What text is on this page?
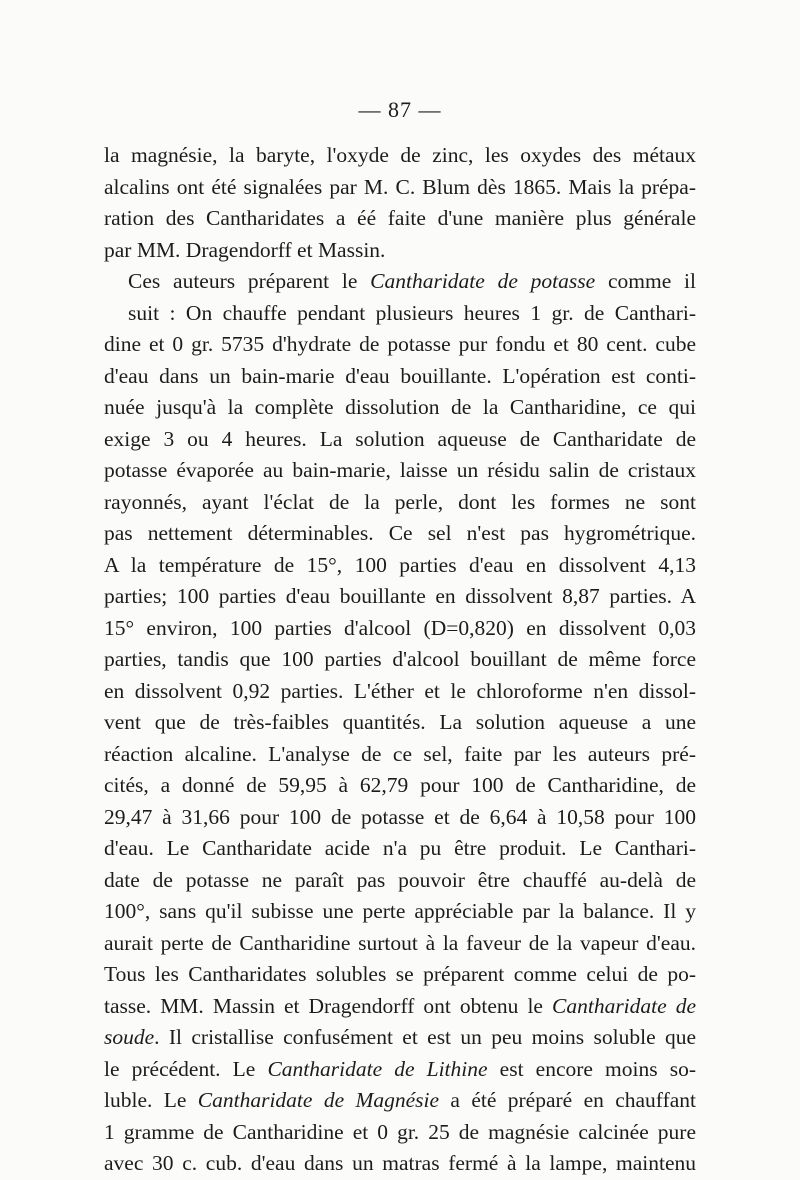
— 87 —
la magnésie, la baryte, l'oxyde de zinc, les oxydes des métaux
alcalins ont été signalées par M. C. Blum dès 1865. Mais la prépa-
ration des Cantharidates a éé faite d'une manière plus générale
par MM. Dragendorff et Massin.
Ces auteurs préparent le Cantharidate de potasse comme il
suit : On chauffe pendant plusieurs heures 1 gr. de Canthari-
dine et 0 gr. 5735 d'hydrate de potasse pur fondu et 80 cent. cube
d'eau dans un bain-marie d'eau bouillante. L'opération est conti-
nuée jusqu'à la complète dissolution de la Cantharidine, ce qui
exige 3 ou 4 heures. La solution aqueuse de Cantharidate de
potasse évaporée au bain-marie, laisse un résidu salin de cristaux
rayonnés, ayant l'éclat de la perle, dont les formes ne sont
pas nettement déterminables. Ce sel n'est pas hygrométrique.
A la température de 15°, 100 parties d'eau en dissolvent 4,13
parties; 100 parties d'eau bouillante en dissolvent 8,87 parties. A
15° environ, 100 parties d'alcool (D=0,820) en dissolvent 0,03
parties, tandis que 100 parties d'alcool bouillant de même force
en dissolvent 0,92 parties. L'éther et le chloroforme n'en dissol-
vent que de très-faibles quantités. La solution aqueuse a une
réaction alcaline. L'analyse de ce sel, faite par les auteurs pré-
cités, a donné de 59,95 à 62,79 pour 100 de Cantharidine, de
29,47 à 31,66 pour 100 de potasse et de 6,64 à 10,58 pour 100
d'eau. Le Cantharidate acide n'a pu être produit. Le Canthari-
date de potasse ne paraît pas pouvoir être chauffé au-delà de
100°, sans qu'il subisse une perte appréciable par la balance. Il y
aurait perte de Cantharidine surtout à la faveur de la vapeur d'eau.
Tous les Cantharidates solubles se préparent comme celui de po-
tasse. MM. Massin et Dragendorff ont obtenu le Cantharidate de
soude. Il cristallise confusément et est un peu moins soluble que
le précédent. Le Cantharidate de Lithine est encore moins so-
luble. Le Cantharidate de Magnésie a été préparé en chauffant
1 gramme de Cantharidine et 0 gr. 25 de magnésie calcinée pure
avec 30 c. cub. d'eau dans un matras fermé à la lampe, maintenu
